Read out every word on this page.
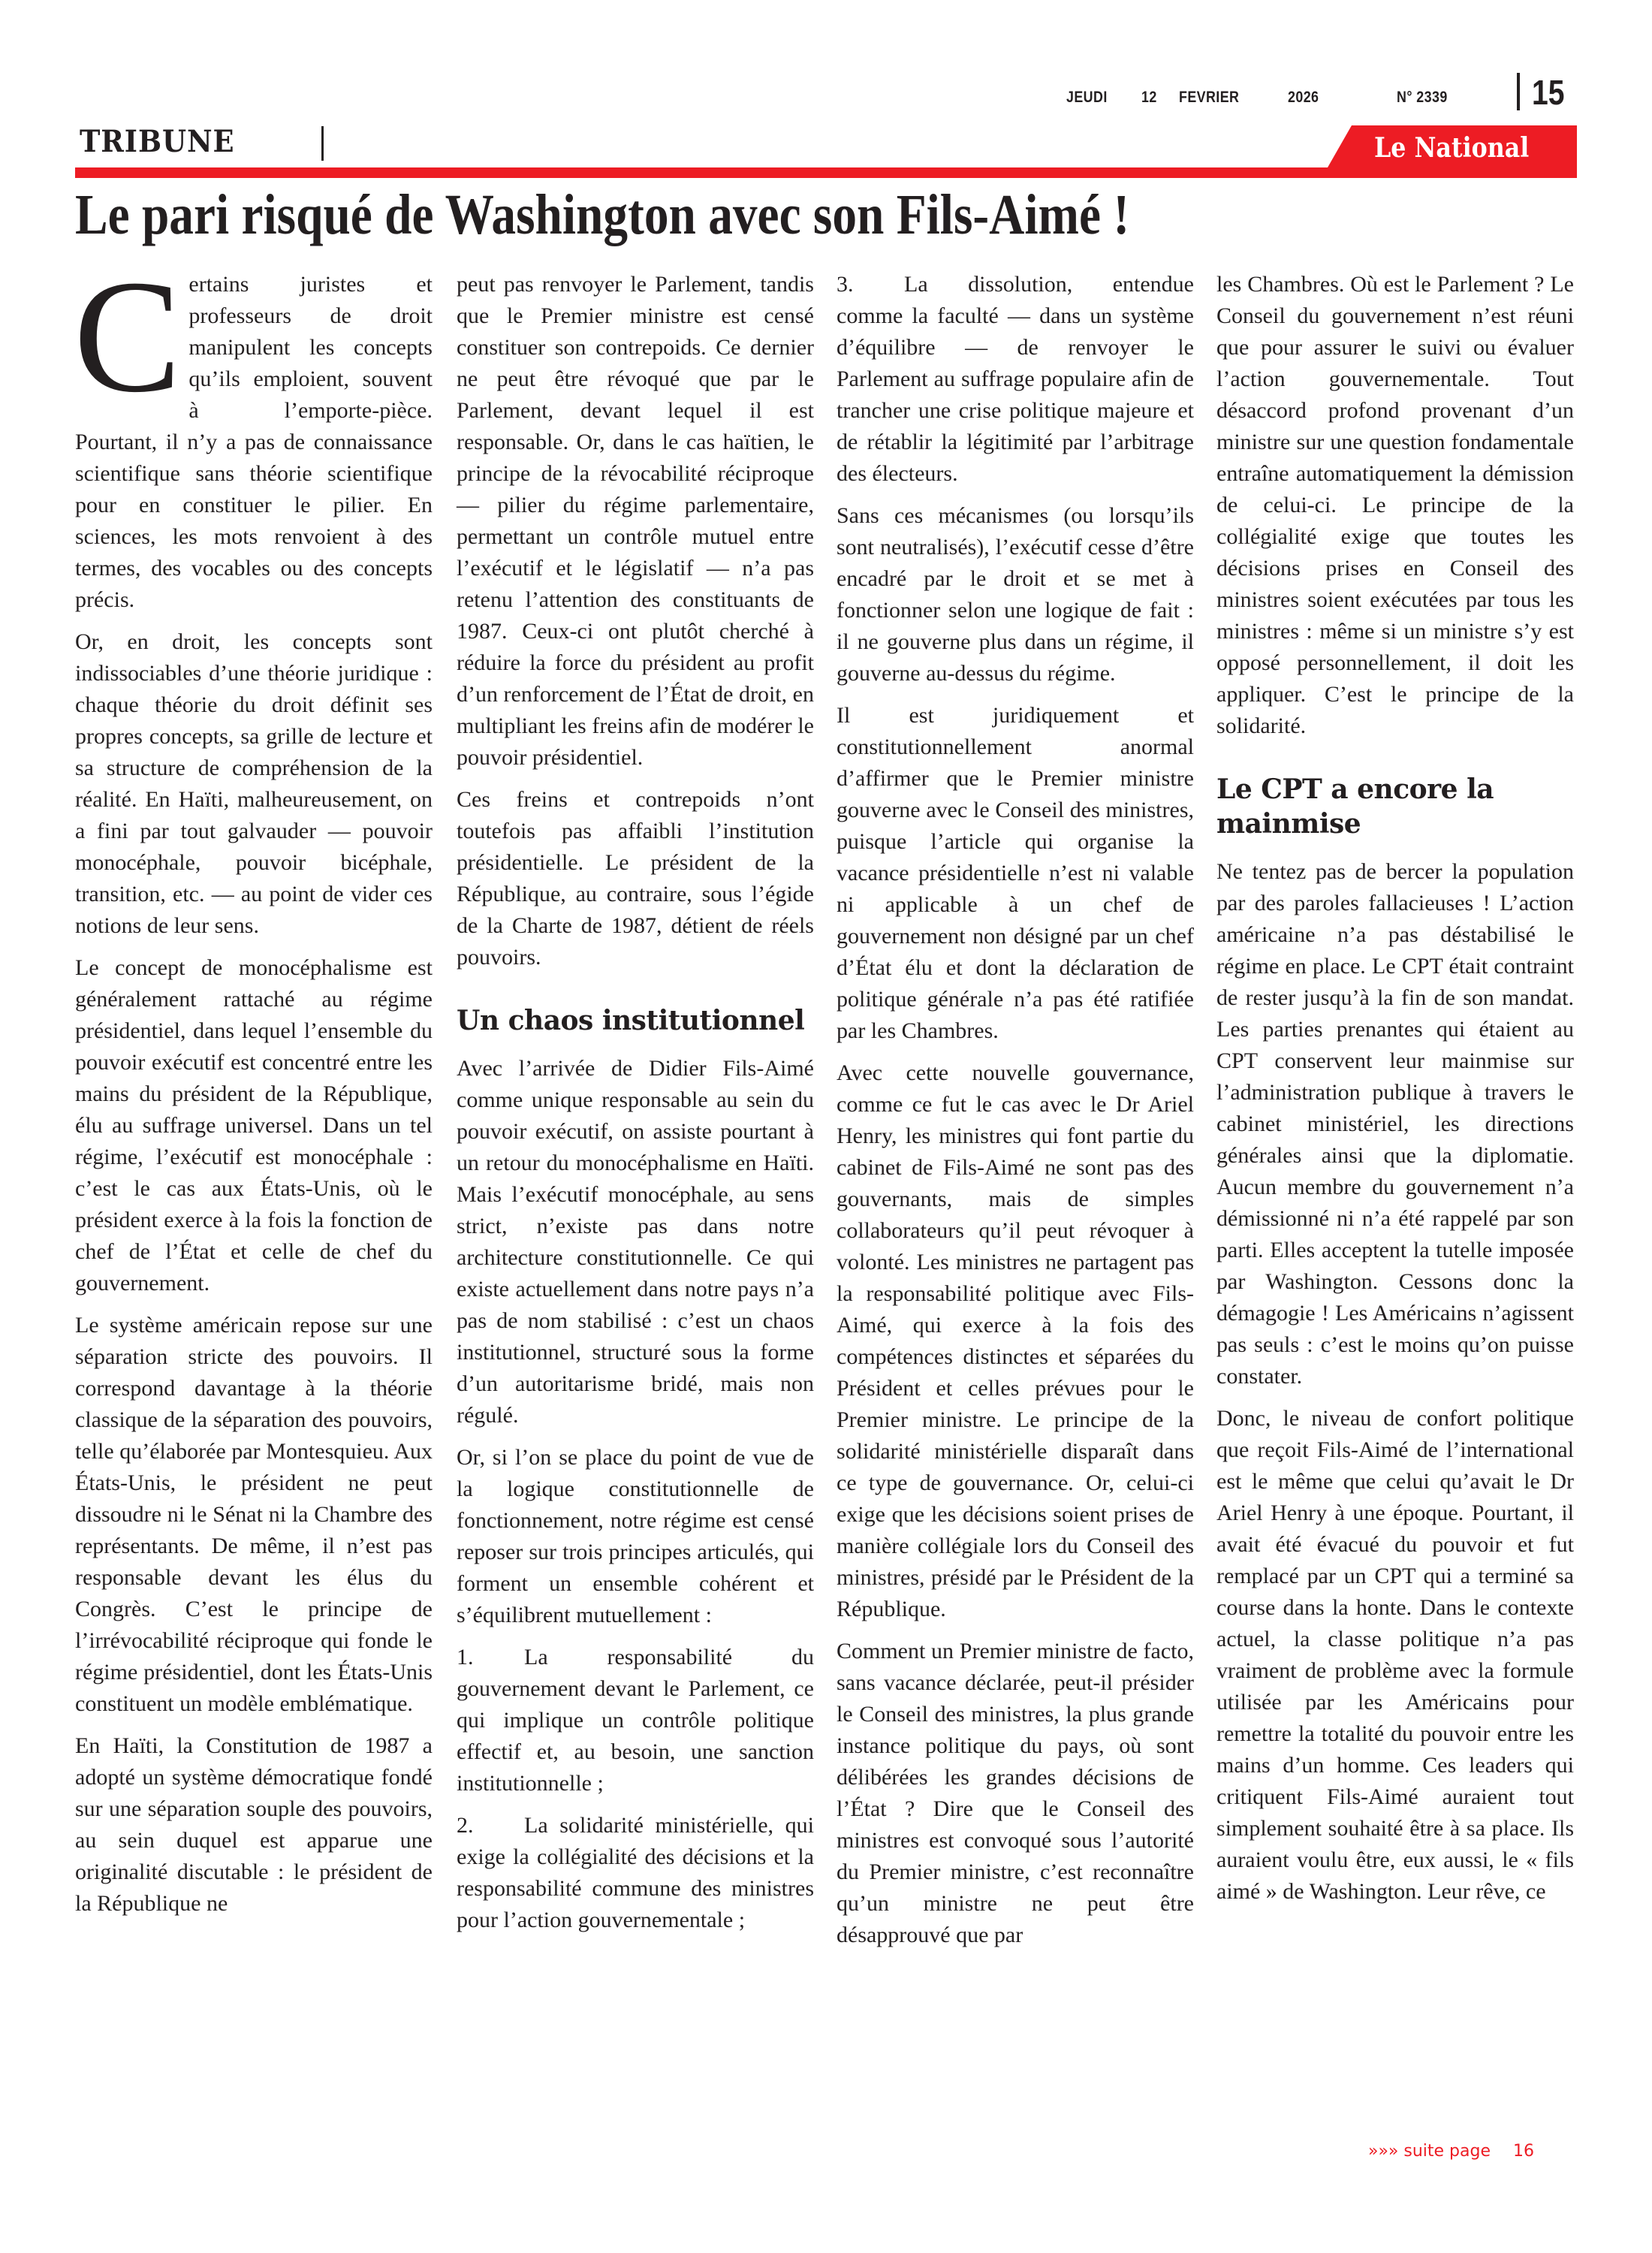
JEUDI 12 FEVRIER	2026	N° 2339 15
TRIBUNE	Le National
Le pari risqué de Washington avec son Fils-Aimé !

Certains juristes et professeurs de droit manipulent les concepts qu’ils emploient, souvent à l’emporte-pièce. Pourtant, il n’y a pas de connaissance scientifique sans théorie scientifique pour en constituer le pilier. En sciences, les mots renvoient à des termes, des vocables ou des concepts précis.

Or, en droit, les concepts sont indissociables d’une théorie juridique : chaque théorie du droit définit ses propres concepts, sa grille de lecture et sa structure de compréhension de la réalité. En Haïti, malheureusement, on a fini par tout galvauder — pouvoir monocéphale, pouvoir bicéphale, transition, etc. — au point de vider ces notions de leur sens.

Le concept de monocéphalisme est généralement rattaché au régime présidentiel, dans lequel l’ensemble du pouvoir exécutif est concentré entre les mains du président de la République, élu au suffrage universel. Dans un tel régime, l’exécutif est monocéphale : c’est le cas aux États-Unis, où le président exerce à la fois la fonction de chef de l’État et celle de chef du gouvernement.

Le système américain repose sur une séparation stricte des pouvoirs. Il correspond davantage à la théorie classique de la séparation des pouvoirs, telle qu’élaborée par Montesquieu. Aux États-Unis, le président ne peut dissoudre ni le Sénat ni la Chambre des représentants. De même, il n’est pas responsable devant les élus du Congrès. C’est le principe de l’irrévocabilité réciproque qui fonde le régime présidentiel, dont les États-Unis constituent un modèle emblématique.

En Haïti, la Constitution de 1987 a adopté un système démocratique fondé sur une séparation souple des pouvoirs, au sein duquel est apparue une originalité discutable : le président de la République ne

peut pas renvoyer le Parlement, tandis que le Premier ministre est censé constituer son contrepoids. Ce dernier ne peut être révoqué que par le Parlement, devant lequel il est responsable. Or, dans le cas haïtien, le principe de la révocabilité réciproque — pilier du régime parlementaire, permettant un contrôle mutuel entre l’exécutif et le législatif — n’a pas retenu l’attention des constituants de 1987. Ceux-ci ont plutôt cherché à réduire la force du président au profit d’un renforcement de l’État de droit, en multipliant les freins afin de modérer le pouvoir présidentiel.

Ces freins et contrepoids n’ont toutefois pas affaibli l’institution présidentielle. Le président de la République, au contraire, sous l’égide de la Charte de 1987, détient de réels pouvoirs.

Un chaos institutionnel

Avec l’arrivée de Didier Fils-Aimé comme unique responsable au sein du pouvoir exécutif, on assiste pourtant à un retour du monocéphalisme en Haïti. Mais l’exécutif monocéphale, au sens strict, n’existe pas dans notre architecture constitutionnelle. Ce qui existe actuellement dans notre pays n’a pas de nom stabilisé : c’est un chaos institutionnel, structuré sous la forme d’un autoritarisme bridé, mais non régulé.

Or, si l’on se place du point de vue de la logique constitutionnelle de fonctionnement, notre régime est censé reposer sur trois principes articulés, qui forment un ensemble cohérent et s’équilibrent mutuellement :

1. La responsabilité du gouvernement devant le Parlement, ce qui implique un contrôle politique effectif et, au besoin, une sanction institutionnelle ;

2. La solidarité ministérielle, qui exige la collégialité des décisions et la responsabilité commune des ministres pour l’action gouvernementale ;

3. La dissolution, entendue comme la faculté — dans un système d’équilibre — de renvoyer le Parlement au suffrage populaire afin de trancher une crise politique majeure et de rétablir la légitimité par l’arbitrage des électeurs.

Sans ces mécanismes (ou lorsqu’ils sont neutralisés), l’exécutif cesse d’être encadré par le droit et se met à fonctionner selon une logique de fait : il ne gouverne plus dans un régime, il gouverne au-dessus du régime.

Il est juridiquement et constitutionnellement anormal d’affirmer que le Premier ministre gouverne avec le Conseil des ministres, puisque l’article qui organise la vacance présidentielle n’est ni valable ni applicable à un chef de gouvernement non désigné par un chef d’État élu et dont la déclaration de politique générale n’a pas été ratifiée par les Chambres.

Avec cette nouvelle gouvernance, comme ce fut le cas avec le Dr Ariel Henry, les ministres qui font partie du cabinet de Fils-Aimé ne sont pas des gouvernants, mais de simples collaborateurs qu’il peut révoquer à volonté. Les ministres ne partagent pas la responsabilité politique avec Fils-Aimé, qui exerce à la fois des compétences distinctes et séparées du Président et celles prévues pour le Premier ministre. Le principe de la solidarité ministérielle disparaît dans ce type de gouvernance. Or, celui-ci exige que les décisions soient prises de manière collégiale lors du Conseil des ministres, présidé par le Président de la République.

Comment un Premier ministre de facto, sans vacance déclarée, peut-il présider le Conseil des ministres, la plus grande instance politique du pays, où sont délibérées les grandes décisions de l’État ? Dire que le Conseil des ministres est convoqué sous l’autorité du Premier ministre, c’est reconnaître qu’un ministre ne peut être désapprouvé que par

les Chambres. Où est le Parlement ? Le Conseil du gouvernement n’est réuni que pour assurer le suivi ou évaluer l’action gouvernementale. Tout désaccord profond provenant d’un ministre sur une question fondamentale entraîne automatiquement la démission de celui-ci. Le principe de la collégialité exige que toutes les décisions prises en Conseil des ministres soient exécutées par tous les ministres : même si un ministre s’y est opposé personnellement, il doit les appliquer. C’est le principe de la solidarité.

Le CPT a encore la mainmise

Ne tentez pas de bercer la population par des paroles fallacieuses ! L’action américaine n’a pas déstabilisé le régime en place. Le CPT était contraint de rester jusqu’à la fin de son mandat. Les parties prenantes qui étaient au CPT conservent leur mainmise sur l’administration publique à travers le cabinet ministériel, les directions générales ainsi que la diplomatie. Aucun membre du gouvernement n’a démissionné ni n’a été rappelé par son parti. Elles acceptent la tutelle imposée par Washington. Cessons donc la démagogie ! Les Américains n’agissent pas seuls : c’est le moins qu’on puisse constater.

Donc, le niveau de confort politique que reçoit Fils-Aimé de l’international est le même que celui qu’avait le Dr Ariel Henry à une époque. Pourtant, il avait été évacué du pouvoir et fut remplacé par un CPT qui a terminé sa course dans la honte. Dans le contexte actuel, la classe politique n’a pas vraiment de problème avec la formule utilisée par les Américains pour remettre la totalité du pouvoir entre les mains d’un homme. Ces leaders qui critiquent Fils-Aimé auraient tout simplement souhaité être à sa place. Ils auraient voulu être, eux aussi, le « fils aimé » de Washington. Leur rêve, ce

»»» suite page 16
